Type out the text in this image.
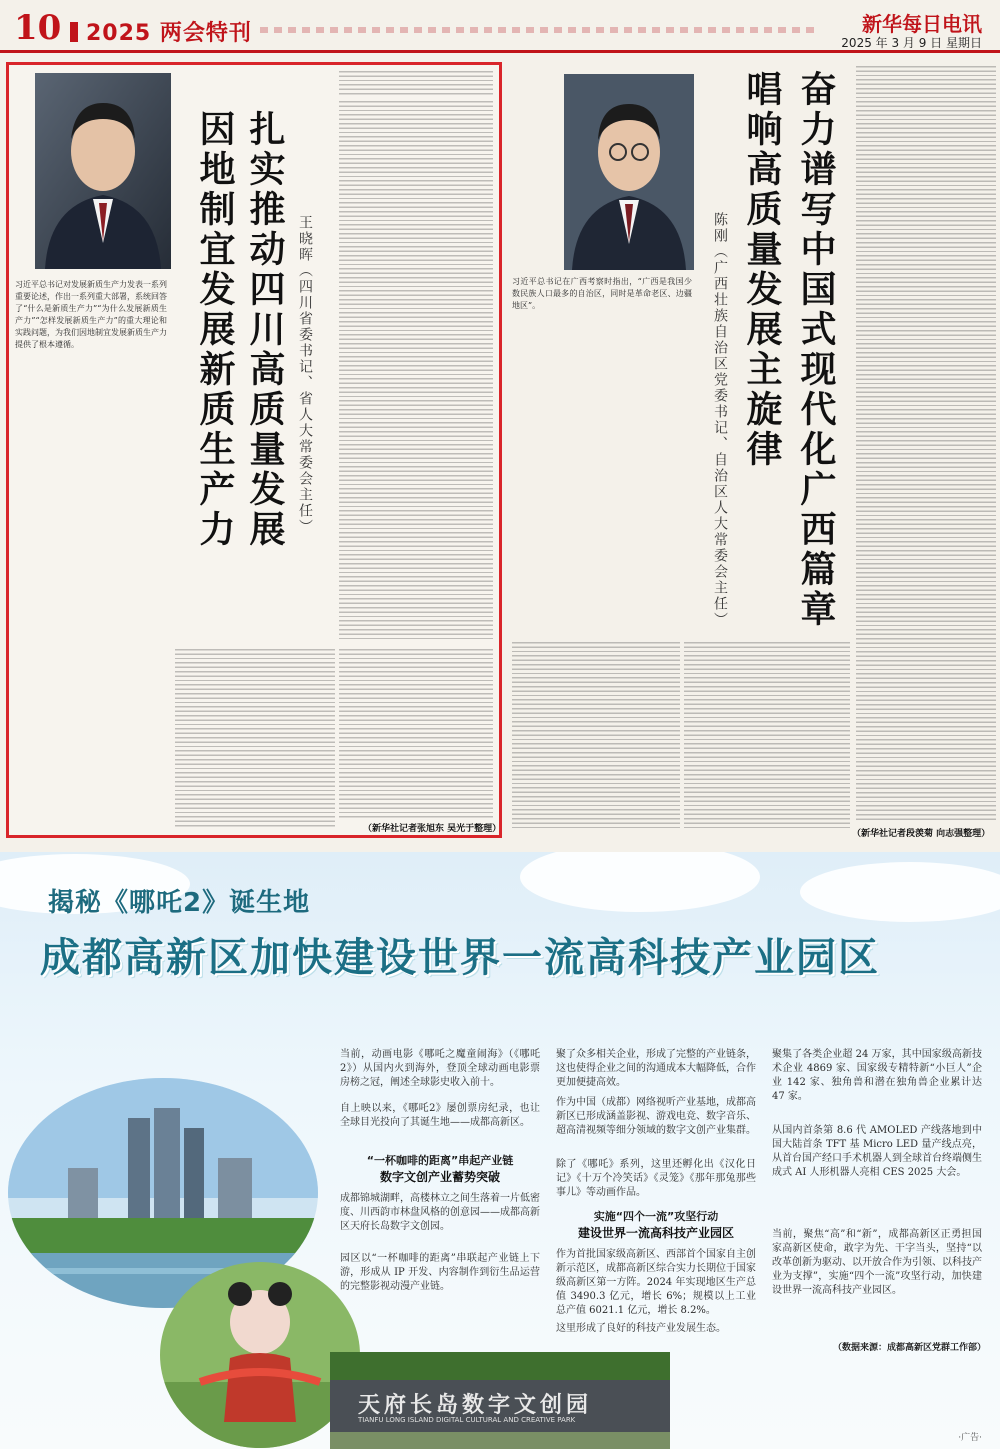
10 2025 两会特刊	新华每日电讯
2025 年 3 月 9 日 星期日
扎实推动四川高质量发展
因地制宜发展新质生产力	王晓晖（四川省委书记、省人大常委会主任）
习近平总书记对发展新质生产力发表一系列重要论述，作出一系列重大部署，系统回答了“什么是新质生产力”“为什么发展新质生产力”“怎样发展新质生产力”的重大理论和实践问题，为我们因地制宜发展新质生产力提供了根本遵循。
（新华社记者张旭东 吴光于整理）
奋力谱写中国式现代化广西篇章
唱响高质量发展主旋律
陈刚（广西壮族自治区党委书记、自治区人大常委会主任）
习近平总书记在广西考察时指出，“广西是我国少数民族人口最多的自治区，同时是革命老区、边疆地区”。
（新华社记者段羡菊 向志强整理）
揭秘《哪吒2》诞生地
成都高新区加快建设世界一流高科技产业园区
天府长岛数字文创园
TIANFU LONG ISLAND DIGITAL CULTURAL AND CREATIVE PARK
当前，动画电影《哪吒之魔童闹海》（《哪吒2》）从国内火到海外，登顶全球动画电影票房榜之冠，阐述全球影史收入前十。
自上映以来，《哪吒2》屡创票房纪录，也让全球目光投向了其诞生地——成都高新区。
“一杯咖啡的距离”串起产业链
数字文创产业蓄势突破
成都锦城湖畔，高楼林立之间生落着一片低密度、川西韵市林盘风格的创意园——成都高新区天府长岛数字文创园。
园区以“一杯咖啡的距离”串联起产业链上下游，形成从 IP 开发、内容制作到衍生品运营的完整影视动漫产业链。
聚了众多相关企业，形成了完整的产业链条，这也使得企业之间的沟通成本大幅降低，合作更加便捷高效。
作为中国（成都）网络视听产业基地，成都高新区已形成涵盖影视、游戏电竞、数字音乐、超高清视频等细分领域的数字文创产业集群。
除了《哪吒》系列，这里还孵化出《汉化日记》《十万个冷笑话》《灵笼》《那年那兔那些事儿》等动画作品。
实施“四个一流”攻坚行动
建设世界一流高科技产业园区
作为首批国家级高新区、西部首个国家自主创新示范区，成都高新区综合实力长期位于国家级高新区第一方阵。2024 年实现地区生产总值 3490.3 亿元，增长 6%；规模以上工业总产值 6021.1 亿元，增长 8.2%。
这里形成了良好的科技产业发展生态。
聚集了各类企业超 24 万家，其中国家级高新技术企业 4869 家、国家级专精特新“小巨人”企业 142 家、独角兽和潜在独角兽企业累计达 47 家。
从国内首条第 8.6 代 AMOLED 产线落地到中国大陆首条 TFT 基 Micro LED 量产线点亮，从首台国产经口手术机器人到全球首台终端侧生成式 AI 人形机器人亮相 CES 2025 大会。
当前，聚焦“高”和“新”，成都高新区正勇担国家高新区使命，敢字为先、干字当头，坚持“以改革创新为驱动、以开放合作为引领、以科技产业为支撑”，实施“四个一流”攻坚行动，加快建设世界一流高科技产业园区。
（数据来源：成都高新区党群工作部）
·广告·
